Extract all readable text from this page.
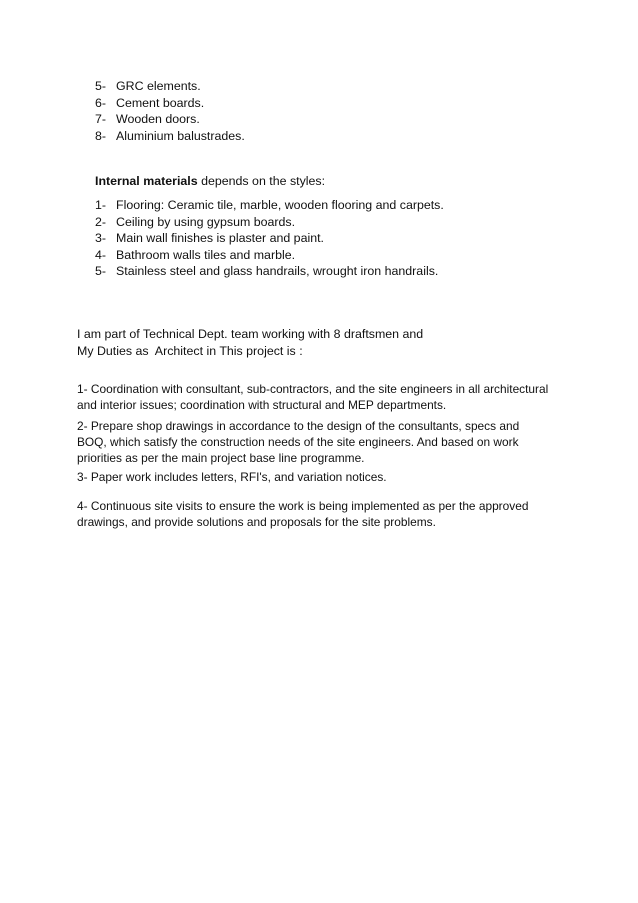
5- GRC elements.
6- Cement boards.
7- Wooden doors.
8- Aluminium balustrades.
Internal materials depends on the styles:
1- Flooring: Ceramic tile, marble, wooden flooring and carpets.
2- Ceiling by using gypsum boards.
3- Main wall finishes is plaster and paint.
4- Bathroom walls tiles and marble.
5- Stainless steel and glass handrails, wrought iron handrails.

I am part of Technical Dept. team working with 8 draftsmen and
My Duties as  Architect in This project is :

1- Coordination with consultant, sub-contractors, and the site engineers in all architectural and interior issues; coordination with structural and MEP departments.

2- Prepare shop drawings in accordance to the design of the consultants, specs and BOQ, which satisfy the construction needs of the site engineers. And based on work priorities as per the main project base line programme.

3- Paper work includes letters, RFI's, and variation notices.

4- Continuous site visits to ensure the work is being implemented as per the approved drawings, and provide solutions and proposals for the site problems.
